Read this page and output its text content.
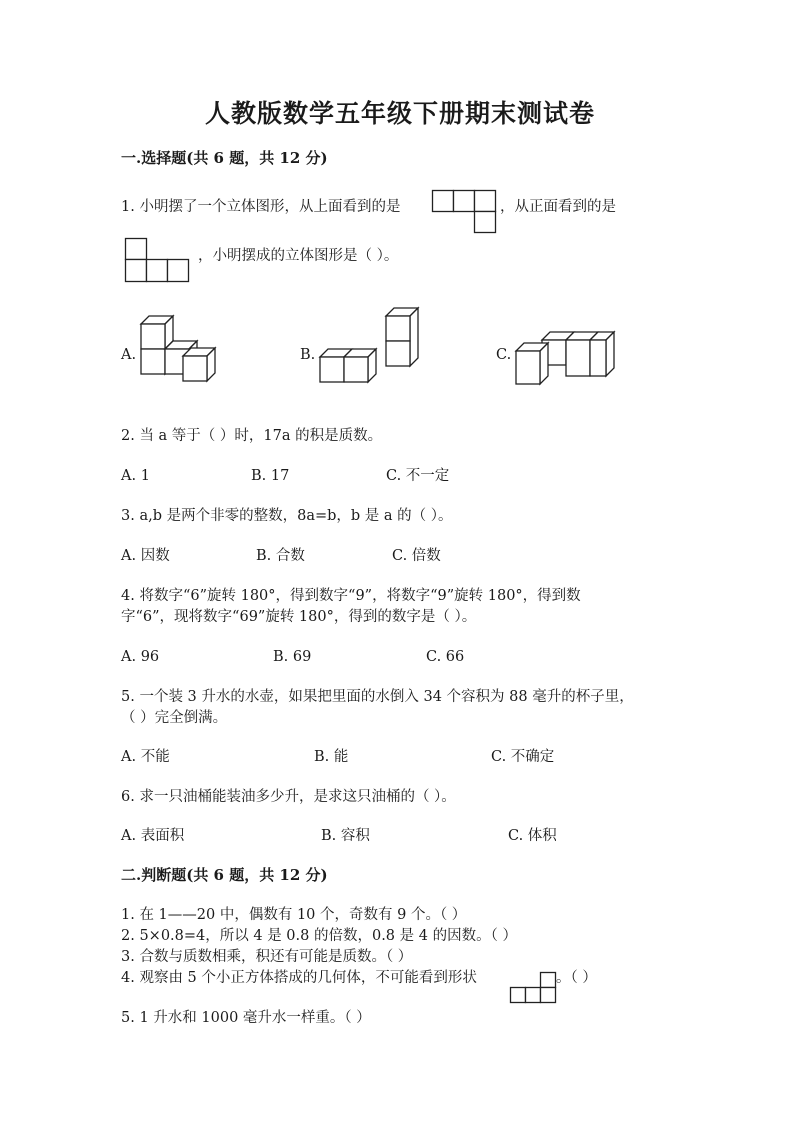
人教版数学五年级下册期末测试卷
一.选择题(共 6 题，共 12 分)
1. 小明摆了一个立体图形，从上面看到的是	，从正面看到的是
，小明摆成的立体图形是（ ）。
A.	B.	C.
2. 当 a 等于（ ）时，17a 的积是质数。
A. 1	B. 17	C. 不一定
3. a,b 是两个非零的整数，8a=b，b 是 a 的（ ）。
A. 因数	B. 合数	C. 倍数
4. 将数字“6”旋转 180°，得到数字“9”，将数字“9”旋转 180°，得到数
字“6”，现将数字“69”旋转 180°，得到的数字是（ ）。
A. 96	B. 69	C. 66
5. 一个装 3 升水的水壶，如果把里面的水倒入 34 个容积为 88 毫升的杯子里，
（ ）完全倒满。
A. 不能	B. 能	C. 不确定
6. 求一只油桶能装油多少升，是求这只油桶的（ ）。
A. 表面积	B. 容积	C. 体积
二.判断题(共 6 题，共 12 分)
1. 在 1——20 中，偶数有 10 个，奇数有 9 个。（ ）
2. 5×0.8=4，所以 4 是 0.8 的倍数，0.8 是 4 的因数。（ ）
3. 合数与质数相乘，积还有可能是质数。（ ）
4. 观察由 5 个小正方体搭成的几何体，不可能看到形状	。（ ）
5. 1 升水和 1000 毫升水一样重。（ ）
